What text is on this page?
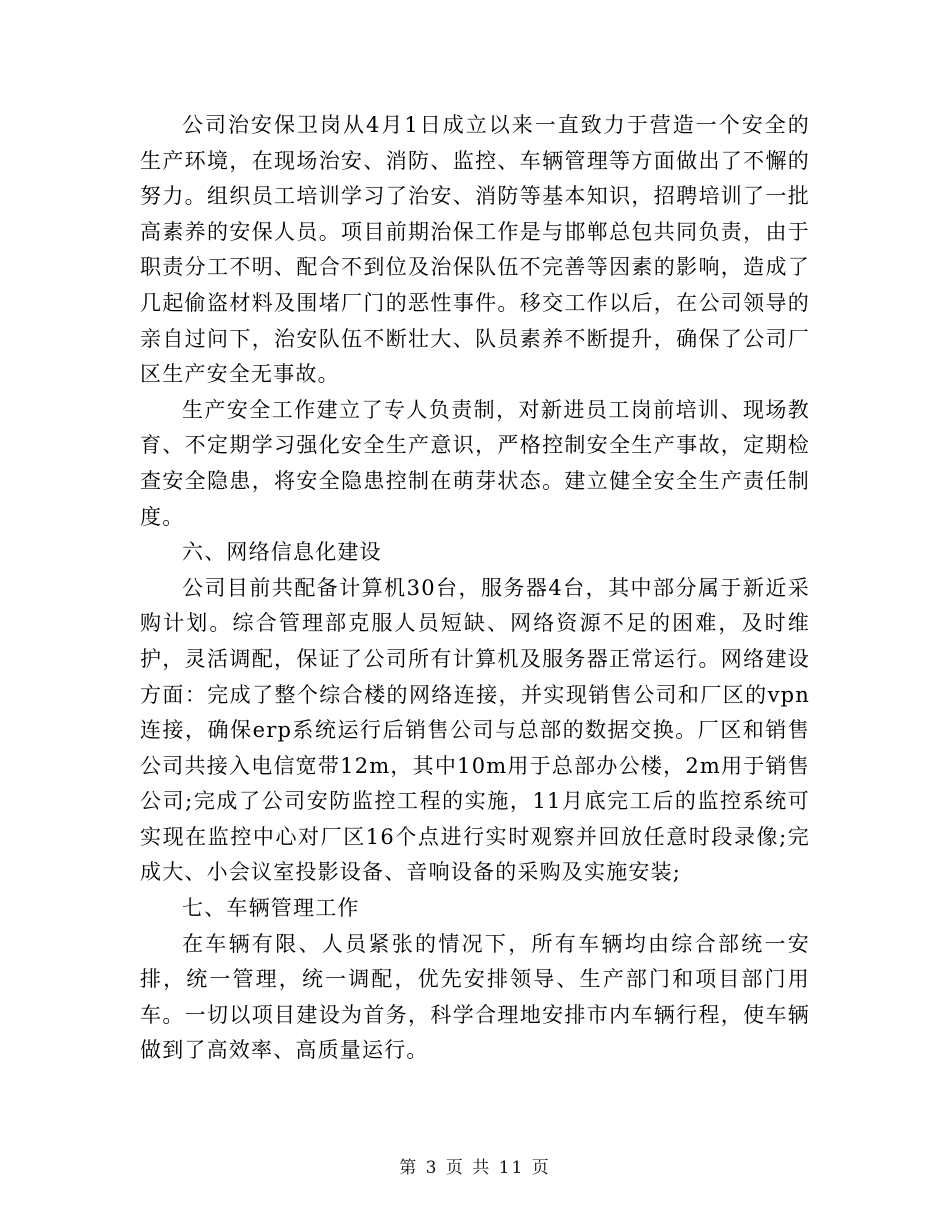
公司治安保卫岗从4月1日成立以来一直致力于营造一个安全的生产环境，在现场治安、消防、监控、车辆管理等方面做出了不懈的努力。组织员工培训学习了治安、消防等基本知识，招聘培训了一批高素养的安保人员。项目前期治保工作是与邯郸总包共同负责，由于职责分工不明、配合不到位及治保队伍不完善等因素的影响，造成了几起偷盗材料及围堵厂门的恶性事件。移交工作以后，在公司领导的亲自过问下，治安队伍不断壮大、队员素养不断提升，确保了公司厂区生产安全无事故。

生产安全工作建立了专人负责制，对新进员工岗前培训、现场教育、不定期学习强化安全生产意识，严格控制安全生产事故，定期检查安全隐患，将安全隐患控制在萌芽状态。建立健全安全生产责任制度。

六、网络信息化建设

公司目前共配备计算机30台，服务器4台，其中部分属于新近采购计划。综合管理部克服人员短缺、网络资源不足的困难，及时维护，灵活调配，保证了公司所有计算机及服务器正常运行。网络建设方面：完成了整个综合楼的网络连接，并实现销售公司和厂区的vpn连接，确保erp系统运行后销售公司与总部的数据交换。厂区和销售公司共接入电信宽带12m，其中10m用于总部办公楼，2m用于销售公司;完成了公司安防监控工程的实施，11月底完工后的监控系统可实现在监控中心对厂区16个点进行实时观察并回放任意时段录像;完成大、小会议室投影设备、音响设备的采购及实施安装;

七、车辆管理工作

在车辆有限、人员紧张的情况下，所有车辆均由综合部统一安排，统一管理，统一调配，优先安排领导、生产部门和项目部门用车。一切以项目建设为首务，科学合理地安排市内车辆行程，使车辆做到了高效率、高质量运行。

第 3 页 共 11 页
